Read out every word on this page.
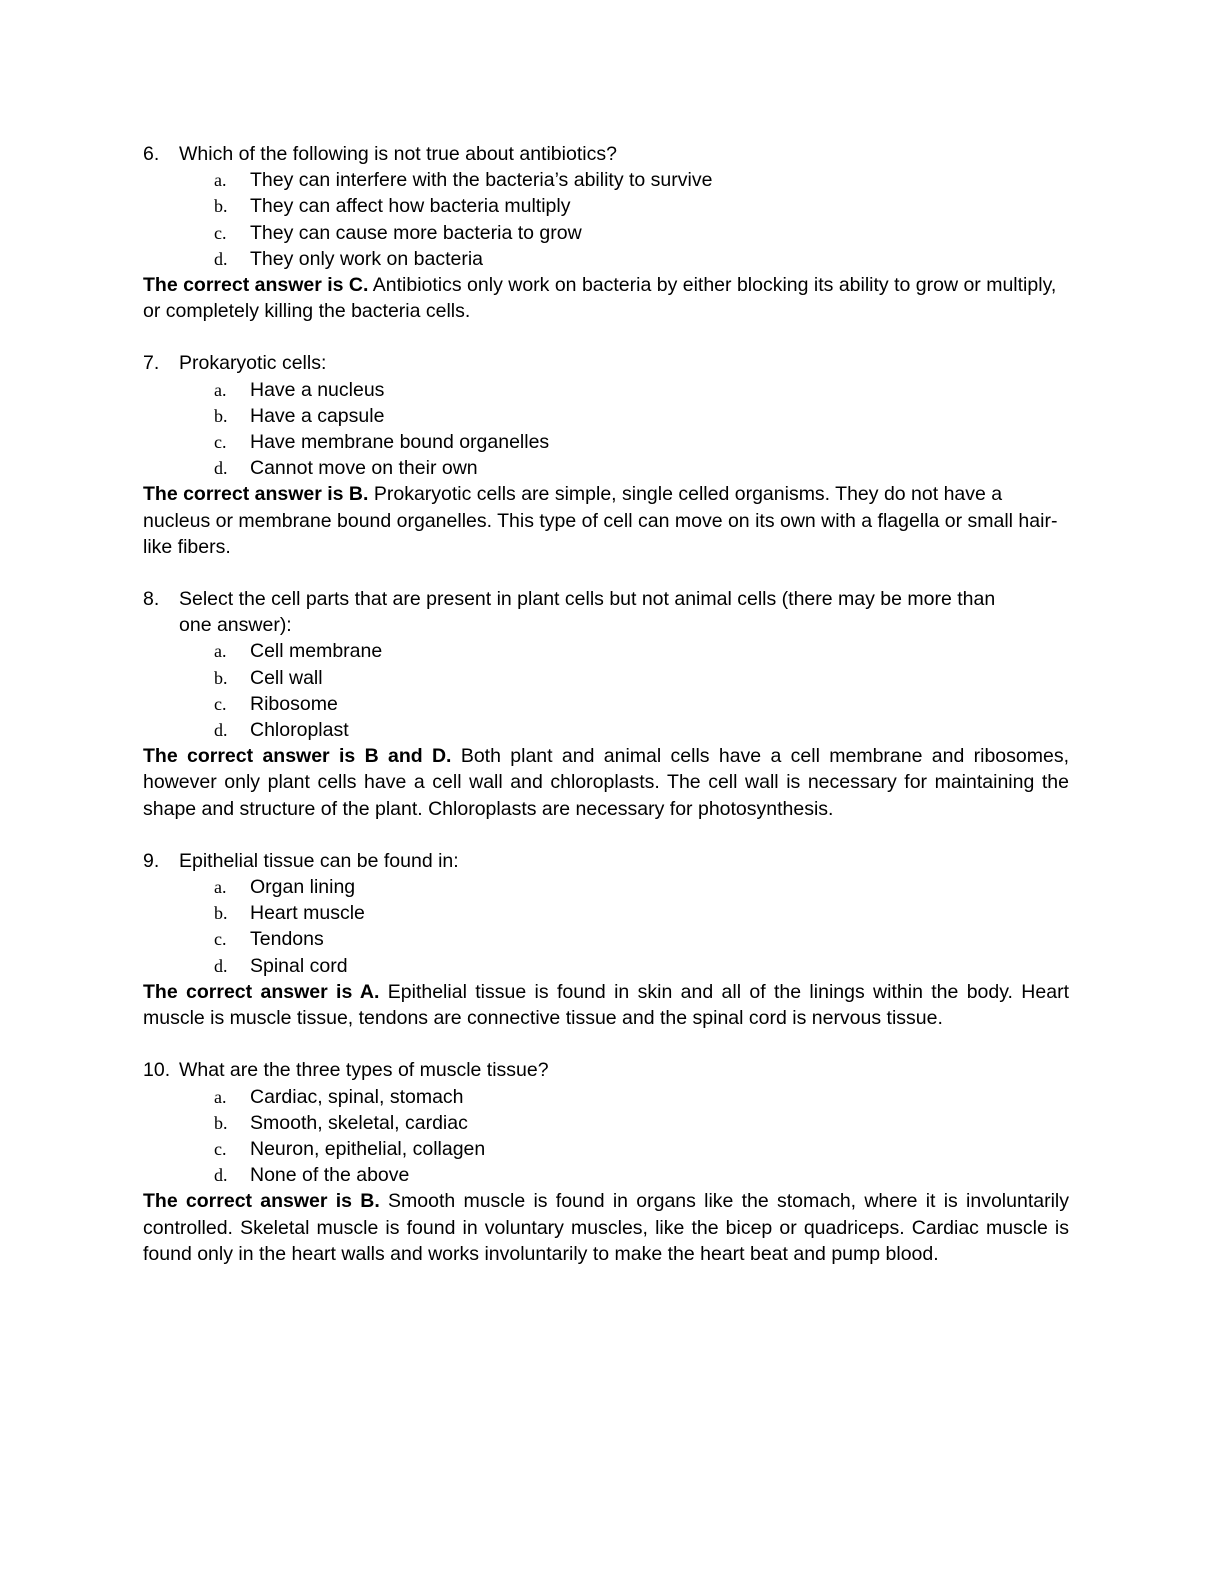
6.	Which of the following is not true about antibiotics?
a.	They can interfere with the bacteria’s ability to survive
b.	They can affect how bacteria multiply
c.	They can cause more bacteria to grow
d.	They only work on bacteria

The correct answer is C. Antibiotics only work on bacteria by either blocking its ability to grow or multiply, or completely killing the bacteria cells.

7.	Prokaryotic cells:
a.	Have a nucleus
b.	Have a capsule
c.	Have membrane bound organelles
d.	Cannot move on their own

The correct answer is B. Prokaryotic cells are simple, single celled organisms. They do not have a nucleus or membrane bound organelles. This type of cell can move on its own with a flagella or small hair-like fibers.

8.	Select the cell parts that are present in plant cells but not animal cells (there may be more than one answer):
a.	Cell membrane
b.	Cell wall
c.	Ribosome
d.	Chloroplast

The correct answer is B and D. Both plant and animal cells have a cell membrane and ribosomes, however only plant cells have a cell wall and chloroplasts. The cell wall is necessary for maintaining the shape and structure of the plant. Chloroplasts are necessary for photosynthesis.

9.	Epithelial tissue can be found in:
a.	Organ lining
b.	Heart muscle
c.	Tendons
d.	Spinal cord

The correct answer is A. Epithelial tissue is found in skin and all of the linings within the body. Heart muscle is muscle tissue, tendons are connective tissue and the spinal cord is nervous tissue.

10. What are the three types of muscle tissue?
a.	Cardiac, spinal, stomach
b.	Smooth, skeletal, cardiac
c.	Neuron, epithelial, collagen
d.	None of the above

The correct answer is B. Smooth muscle is found in organs like the stomach, where it is involuntarily controlled. Skeletal muscle is found in voluntary muscles, like the bicep or quadriceps. Cardiac muscle is found only in the heart walls and works involuntarily to make the heart beat and pump blood.
